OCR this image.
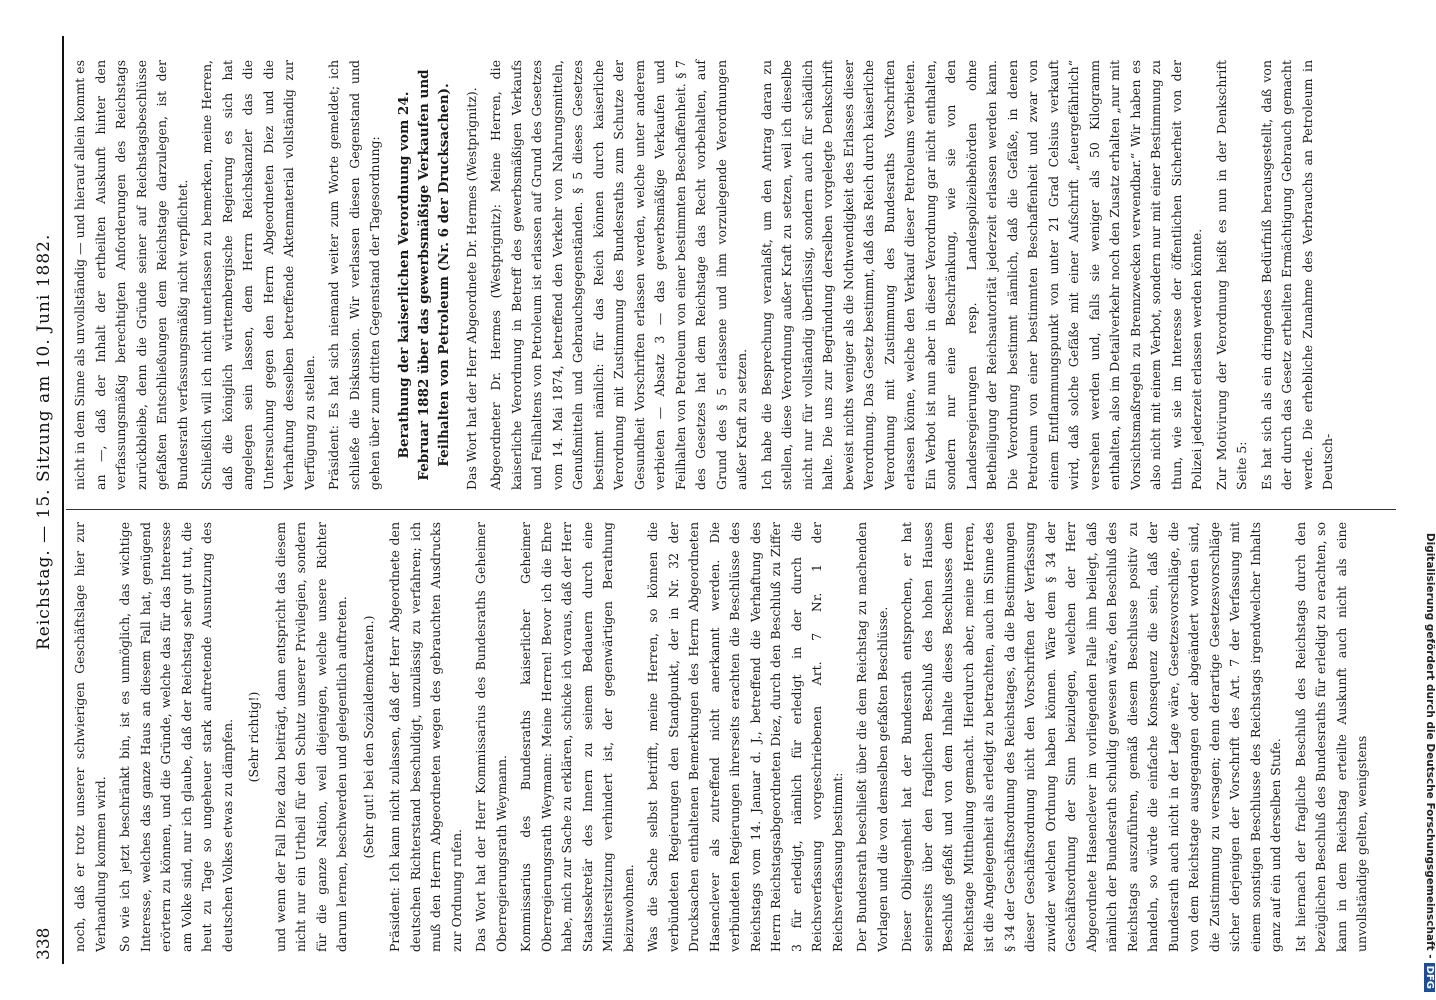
338
Reichstag. — 15. Sitzung am 10. Juni 1882.

noch, daß er trotz unserer schwierigen Geschäftslage hier zur Verhandlung kommen wird. So wie ich jetzt beschränkt bin, ist es unmöglich, das wichtige Interesse, welches das ganze Haus an diesem Fall hat, genügend erörtern zu können, und die Gründe, welche das für das Interesse am Volke sind, nur ich glaube, daß der Reichstag sehr gut tut, die heut zu Tage so ungeheuer stark auftretende Ausnutzung des deutschen Volkes etwas zu dämpfen. (Sehr richtig!) und wenn der Fall Diez dazu beiträgt, dann entspricht das diesem nicht nur ein Urtheil für den Schutz unserer Privilegien, sondern für die ganze Nation, weil diejenigen, welche unsere Richter darum lernen, beschwerden und gelegentlich auftreten. (Sehr gut! bei den Sozialdemokraten.) Präsident: Ich kann nicht zulassen, daß der Herr Abgeordnete den deutschen Richterstand beschuldigt, unzulässig zu verfahren; ich muß den Herrn Abgeordneten wegen des gebrauchten Ausdrucks zur Ordnung rufen. Das Wort hat der Herr Kommissarius des Bundesraths Geheimer Oberregierungsrath Weymann. Kommissarius des Bundesraths kaiserlicher Geheimer Oberregierungsrath Weymann: Meine Herren! Bevor ich die Ehre habe, mich zur Sache zu erklären, schicke ich voraus, daß der Herr Staatssekretär des Innern zu seinem Bedauern durch eine Ministersitzung verhindert ist, der gegenwärtigen Berathung beizuwohnen. Was die Sache selbst betrifft, meine Herren, so können die verbündeten Regierungen den Standpunkt, der in Nr. 32 der Drucksachen enthaltenen Bemerkungen des Herrn Abgeordneten Hasenclever als zutreffend nicht anerkannt werden. Die verbündeten Regierungen ihrerseits erachten die Beschlüsse des Reichstags vom 14. Januar d. J., betreffend die Verhaftung des Herrn Reichstagsabgeordneten Diez, durch den Beschluß zu Ziffer 3 für erledigt, nämlich für erledigt in der durch die Reichsverfassung vorgeschriebenen Art. 7 Nr. 1 der Reichsverfassung bestimmt: Der Bundesrath beschließt über die dem Reichstag zu machenden Vorlagen und die von demselben gefaßten Beschlüsse. Dieser Obliegenheit hat der Bundesrath entsprochen, er hat seinerseits über den fraglichen Beschluß des hohen Hauses Beschluß gefaßt und von dem Inhalte dieses Beschlusses dem Reichstage Mittheilung gemacht. Hierdurch aber, meine Herren, ist die Angelegenheit als erledigt zu betrachten, auch im Sinne des § 34 der Geschäftsordnung des Reichstages, da die Bestimmungen dieser Geschäftsordnung nicht den Vorschriften der Verfassung zuwider welchen Ordnung haben können. Wäre dem § 34 der Geschäftsordnung der Sinn beizulegen, welchen der Herr Abgeordnete Hasenclever im vorliegenden Falle ihm beilegt, daß nämlich der Bundesrath schuldig gewesen wäre, den Beschluß des Reichstags auszuführen, gemäß diesem Beschlusse positiv zu handeln, so würde die einfache Konsequenz die sein, daß der Bundesrath auch nicht in der Lage wäre, Gesetzesvorschläge, die von dem Reichstage ausgegangen oder abgeändert worden sind, die Zustimmung zu versagen; denn derartige Gesetzesvorschläge sicher derjenigen der Vorschrift des Art. 7 der Verfassung mit einem sonstigen Beschlusse des Reichstags irgendwelcher Inhalts ganz auf ein und derselben Stufe. Ist hiernach der fragliche Beschluß des Reichstags durch den bezüglichen Beschluß des Bundesraths für erledigt zu erachten, so kann in dem Reichstag erteilte Auskunft auch nicht als eine unvollständige gelten, wenigstens

nicht in dem Sinne als unvollständig — und hierauf allein kommt es an —, daß der Inhalt der ertheilten Auskunft hinter den verfassungsmäßig berechtigten Anforderungen des Reichstags zurückbleibe, denn die Gründe seiner auf Reichstagsbeschlüsse gefaßten Entschließungen dem Reichstage darzulegen, ist der Bundesrath verfassungsmäßig nicht verpflichtet. Schließlich will ich nicht unterlassen zu bemerken, meine Herren, daß die königlich württembergische Regierung es sich hat angelegen sein lassen, dem Herrn Reichskanzler das die Untersuchung gegen den Herrn Abgeordneten Diez und die Verhaftung desselben betreffende Aktenmaterial vollständig zur Verfügung zu stellen. Präsident: Es hat sich niemand weiter zum Worte gemeldet; ich schließe die Diskussion. Wir verlassen diesen Gegenstand und gehen über zum dritten Gegenstand der Tagesordnung: Berathung der kaiserlichen Verordnung vom 24. Februar 1882 über das gewerbsmäßige Verkaufen und Feilhalten von Petroleum (Nr. 6 der Drucksachen). Das Wort hat der Herr Abgeordnete Dr. Hermes (Westprignitz). Abgeordneter Dr. Hermes (Westprignitz): Meine Herren, die kaiserliche Verordnung in Betreff des gewerbsmäßigen Verkaufs und Feilhaltens von Petroleum ist erlassen auf Grund des Gesetzes vom 14. Mai 1874, betreffend den Verkehr von Nahrungsmitteln, Genußmitteln und Gebrauchsgegenständen. § 5 dieses Gesetzes bestimmt nämlich: für das Reich können durch kaiserliche Verordnung mit Zustimmung des Bundesraths zum Schutze der Gesundheit Vorschriften erlassen werden, welche unter anderem verbieten — Absatz 3 — das gewerbsmäßige Verkaufen und Feilhalten von Petroleum von einer bestimmten Beschaffenheit. § 7 des Gesetzes hat dem Reichstage das Recht vorbehalten, auf Grund des § 5 erlassene und ihm vorzulegende Verordnungen außer Kraft zu setzen. Ich habe die Besprechung veranlaßt, um den Antrag daran zu stellen, diese Verordnung außer Kraft zu setzen, weil ich dieselbe nicht nur für vollständig überflüssig, sondern auch für schädlich halte. Die uns zur Begründung derselben vorgelegte Denkschrift beweist nichts weniger als die Nothwendigkeit des Erlasses dieser Verordnung. Das Gesetz bestimmt, daß das Reich durch kaiserliche Verordnung mit Zustimmung des Bundesraths Vorschriften erlassen könne, welche den Verkauf dieser Petroleums verbieten. Ein Verbot ist nun aber in dieser Verordnung gar nicht enthalten, sondern nur eine Beschränkung, wie sie von den Landesregierungen resp. Landespolizeibehörden ohne Betheiligung der Reichsautorität jederzeit erlassen werden kann. Die Verordnung bestimmt nämlich, daß die Gefäße, in denen Petroleum von einer bestimmten Beschaffenheit und zwar von einem Entflammungspunkt von unter 21 Grad Celsius verkauft wird, daß solche Gefäße mit einer Aufschrift „feuergefährlich“ versehen werden und, falls sie weniger als 50 Kilogramm enthalten, also im Detailverkehr noch den Zusatz erhalten „nur mit Vorsichtsmaßregeln zu Brennzwecken verwendbar.“ Wir haben es also nicht mit einem Verbot, sondern nur mit einer Bestimmung zu thun, wie sie im Interesse der öffentlichen Sicherheit von der Polizei jederzeit erlassen werden könnte. Zur Motivirung der Verordnung heißt es nun in der Denkschrift Seite 5: Es hat sich als ein dringendes Bedürfniß herausgestellt, daß von der durch das Gesetz ertheilten Ermächtigung Gebrauch gemacht werde. Die erhebliche Zunahme des Verbrauchs an Petroleum in Deutsch-

Digitalisierung gefördert durch die Deutsche Forschungsgemeinschaft -DFG
